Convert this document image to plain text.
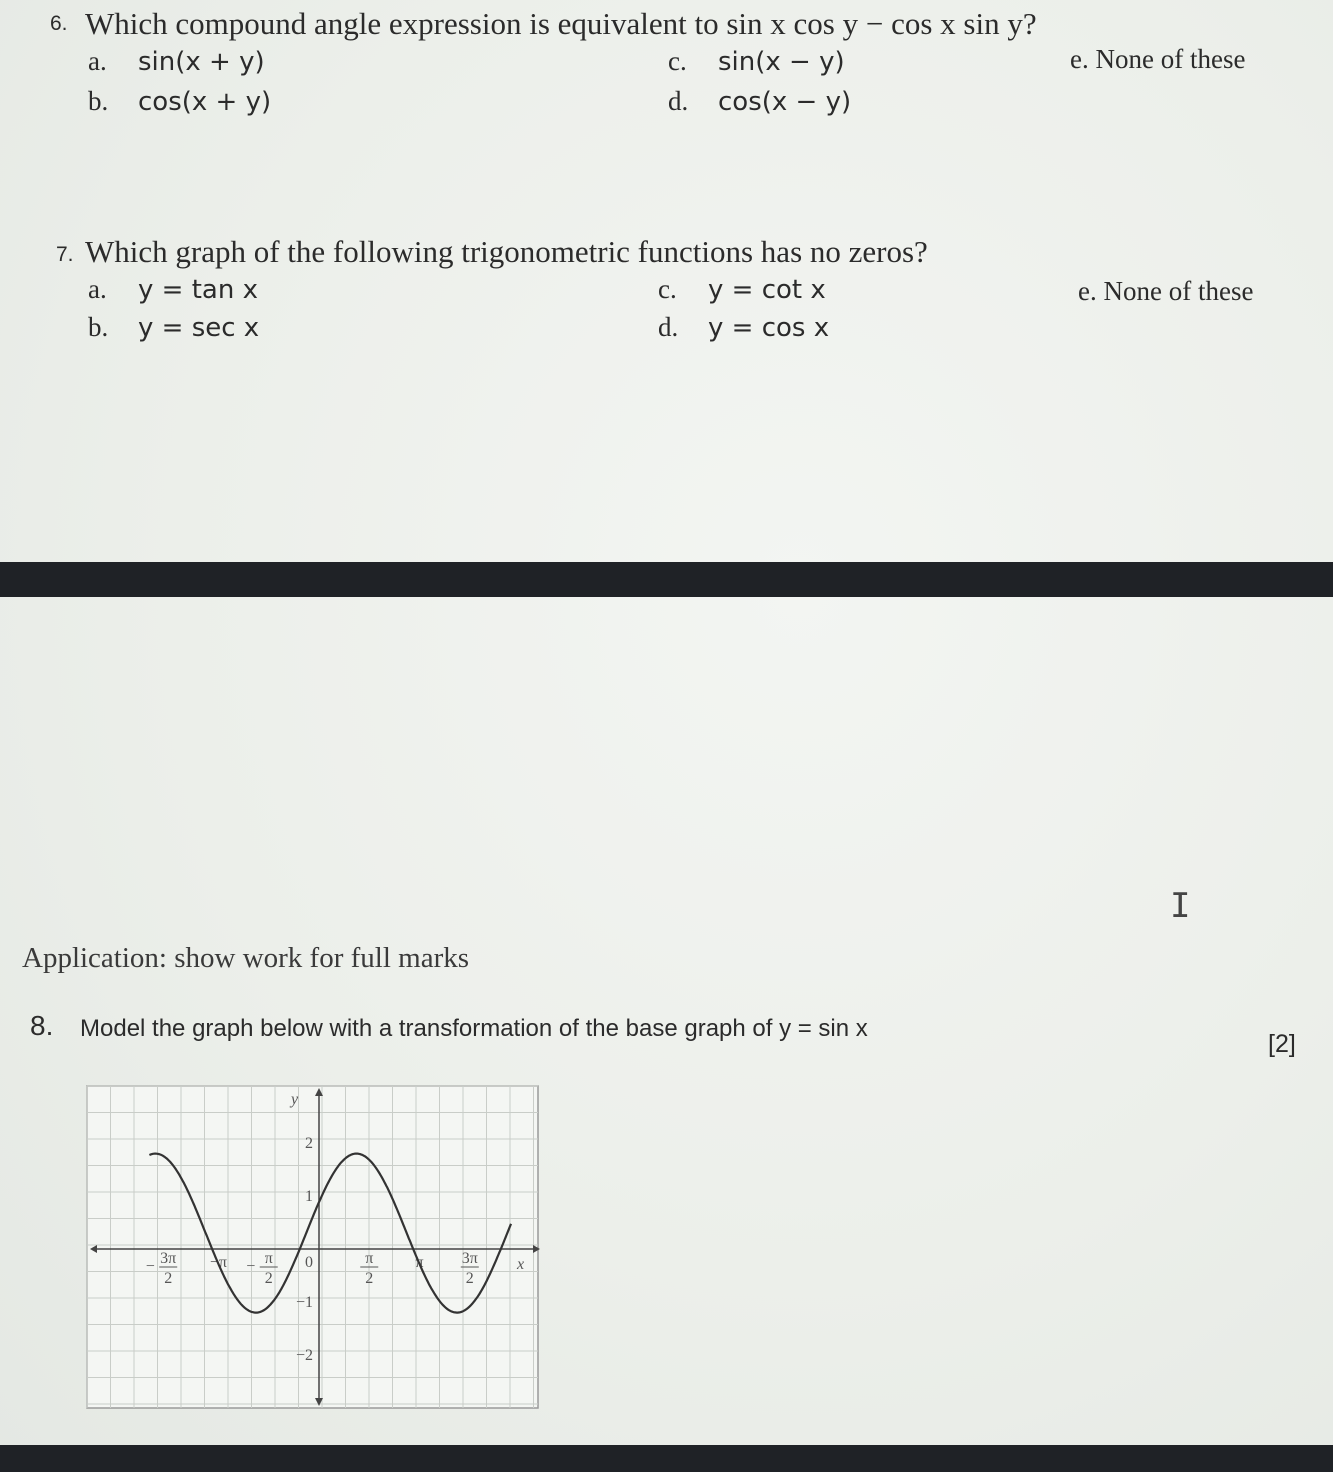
6. Which compound angle expression is equivalent to sin x cos y − cos x sin y?
a. sin(x + y)
b. cos(x + y)
c. sin(x − y)
d. cos(x − y)
e. None of these
7. Which graph of the following trigonometric functions has no zeros?
a. y = tan x
b. y = sec x
c. y = cot x
d. y = cos x
e. None of these
I
Application: show work for full marks
8. Model the graph below with a transformation of the base graph of y = sin x
[2]
3π
2
−	−π π
2
−	0	π
2
π 3π
2
2
1
−1
−2
x
y
